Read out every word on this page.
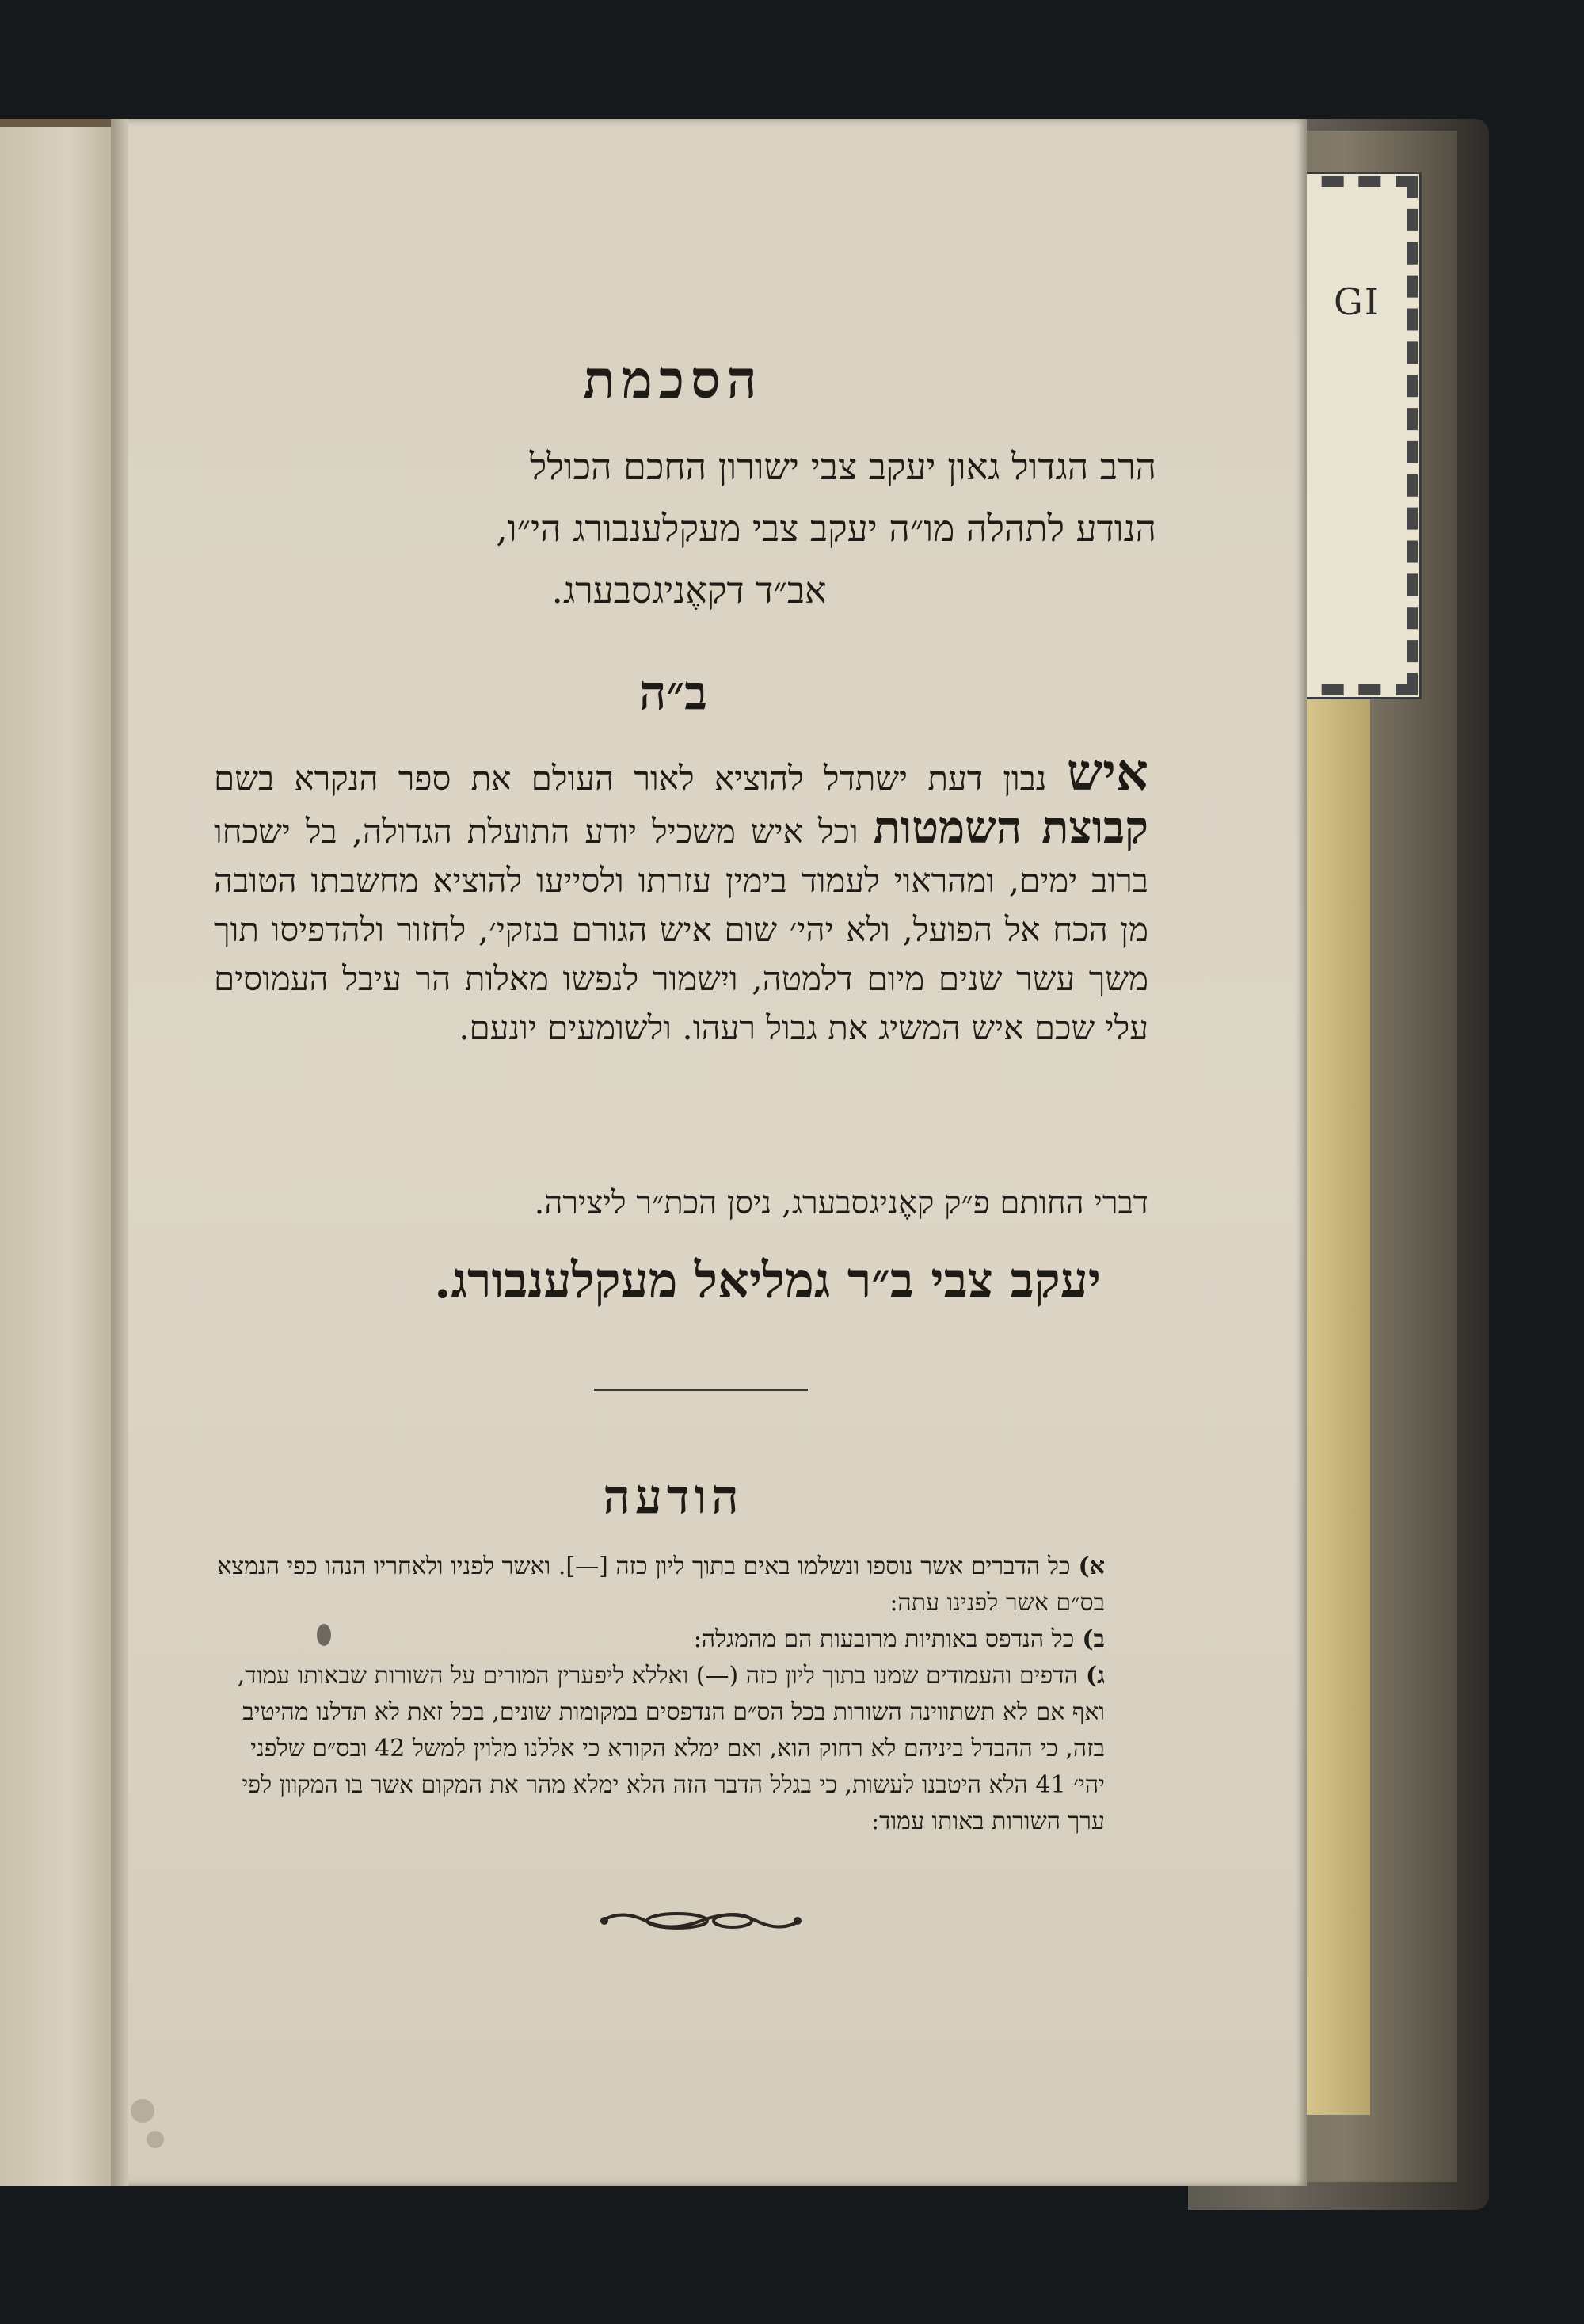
GI
הסכמת
הרב הגדול גאון יעקב צבי ישורון החכם הכולל
הנודע לתהלה מו״ה יעקב צבי מעקלענבורג הי״ו,
אב״ד דקאֶניגסבערג.
ב״ה
איש נבון דעת ישתדל להוציא לאור העולם את ספר הנקרא בשם קבוצת השמטות וכל איש משכיל יודע התועלת הגדולה, בל ישכחו ברוב ימים, ומהראוי לעמוד בימין עזרתו ולסייעו להוציא מחשבתו הטובה מן הכח אל הפועל, ולא יהי׳ שום איש הגורם בנזקי׳, לחזור ולהדפיסו תוך משך עשר שנים מיום דלמטה, ויִשמור לנפשו מאלות הר עיבל העמוסים עלי שכם איש המשיג את גבול רעהו. ולשומעים יונעם.
דברי החותם פ״ק קאֶניגסבערג, ניסן הכת״ר ליצירה.
יעקב צבי ב״ר גמליאל מעקלענבורג.
הודעה
א)כל הדברים אשר נוספו ונשלמו באים בתוך ליון כזה [—]. ואשר לפניו ולאחריו הנהו כפי הנמצא בס״ם אשר לפנינו עתה:
ב)כל הנדפס באותיות מרובעות הם מהמגלה:
ג)הדפים והעמודים שמנו בתוך ליון כזה (—) ואללא ליפערין המורים על השורות שבאותו עמוד, ואף אם לא תשתווינה השורות בכל הס״ם הנדפסים במקומות שונים, בכל זאת לא תדלנו מהיטיב בזה, כי ההבדל ביניהם לא רחוק הוא, ואם ימלא הקורא כי אללנו מלוין למשל 42 ובס״ם שלפני יהי׳ 41 הלא היטבנו לעשות, כי בגלל הדבר הזה הלא ימלא מהר את המקום אשר בו המקוון לפי ערך השורות באותו עמוד:
